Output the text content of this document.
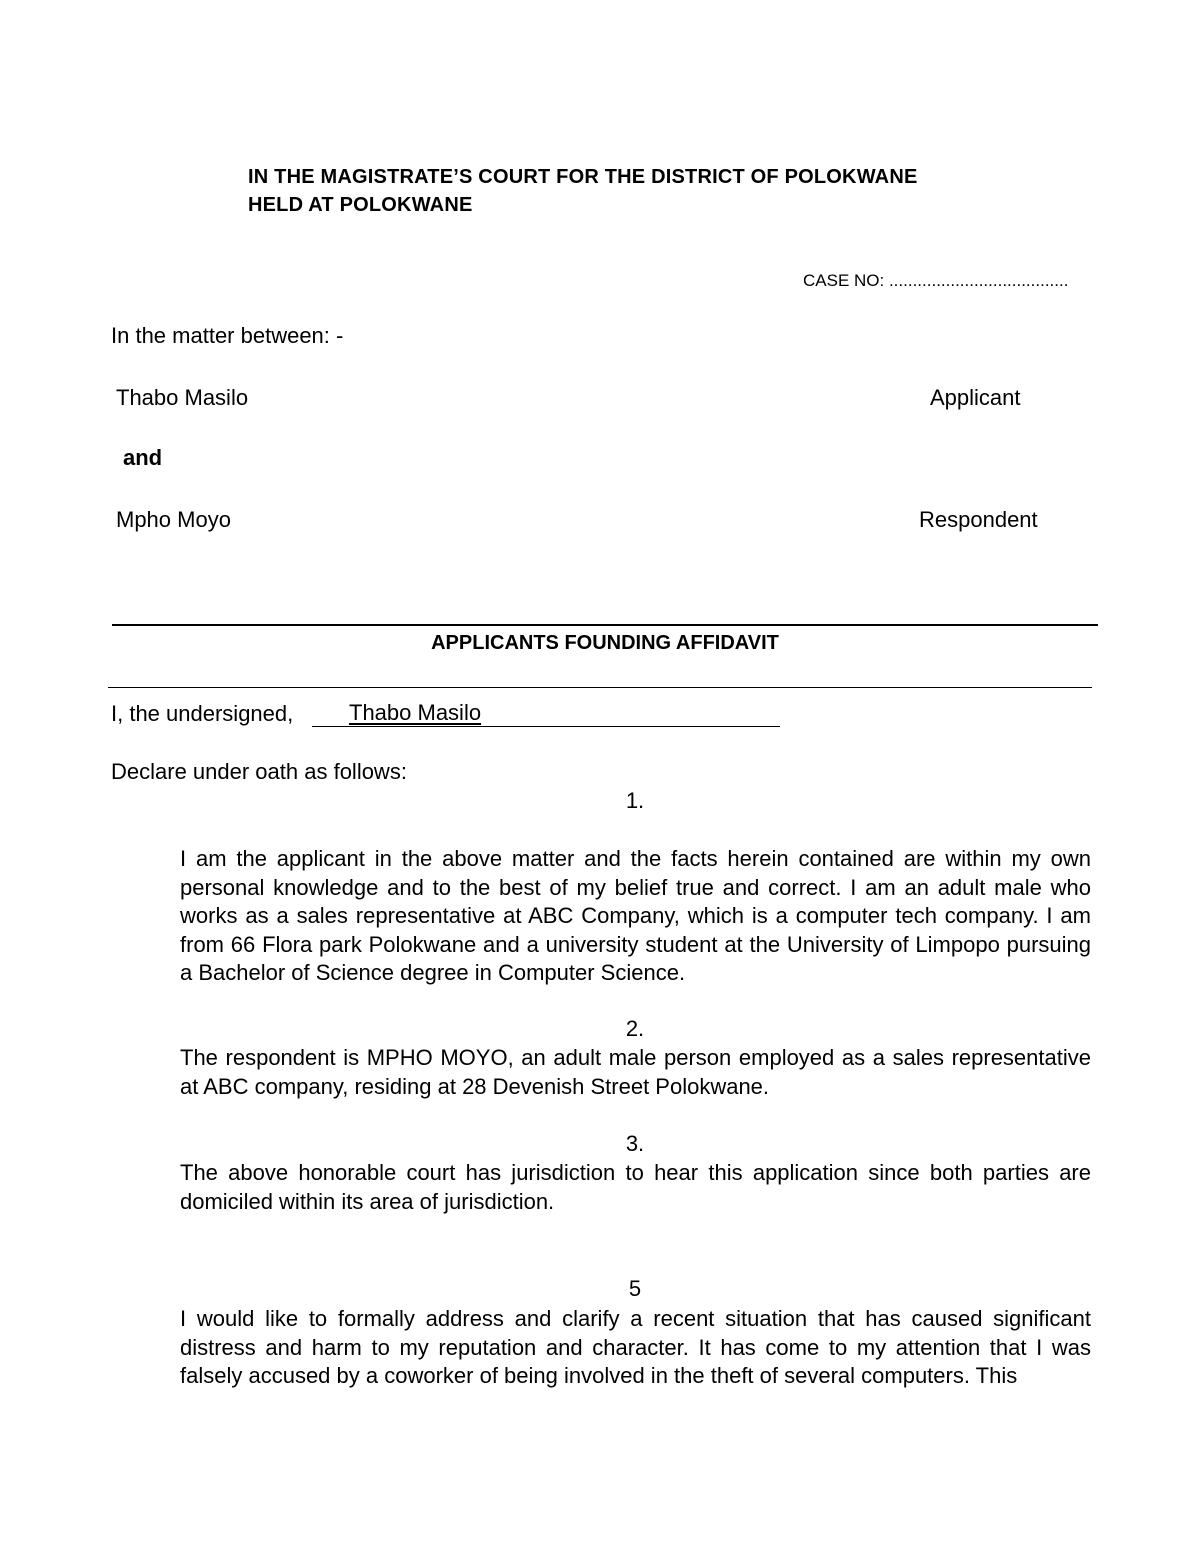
IN THE MAGISTRATE’S COURT FOR THE DISTRICT OF POLOKWANE
HELD AT POLOKWANE
CASE NO: ......................................
In the matter between: -
Thabo Masilo	Applicant
and
Mpho Moyo	Respondent
APPLICANTS FOUNDING AFFIDAVIT
I, the undersigned,	Thabo Masilo
Declare under oath as follows:
1.
I am the applicant in the above matter and the facts herein contained are within my own personal knowledge and to the best of my belief true and correct. I am an adult male who works as a sales representative at ABC Company, which is a computer tech company. I am from 66 Flora park Polokwane and a university student at the University of Limpopo pursuing a Bachelor of Science degree in Computer Science.
2.
The respondent is MPHO MOYO, an adult male person employed as a sales representative at ABC company, residing at 28 Devenish Street Polokwane.
3.
The above honorable court has jurisdiction to hear this application since both parties are domiciled within its area of jurisdiction.
5
I would like to formally address and clarify a recent situation that has caused significant distress and harm to my reputation and character. It has come to my attention that I was falsely accused by a coworker of being involved in the theft of several computers. This
